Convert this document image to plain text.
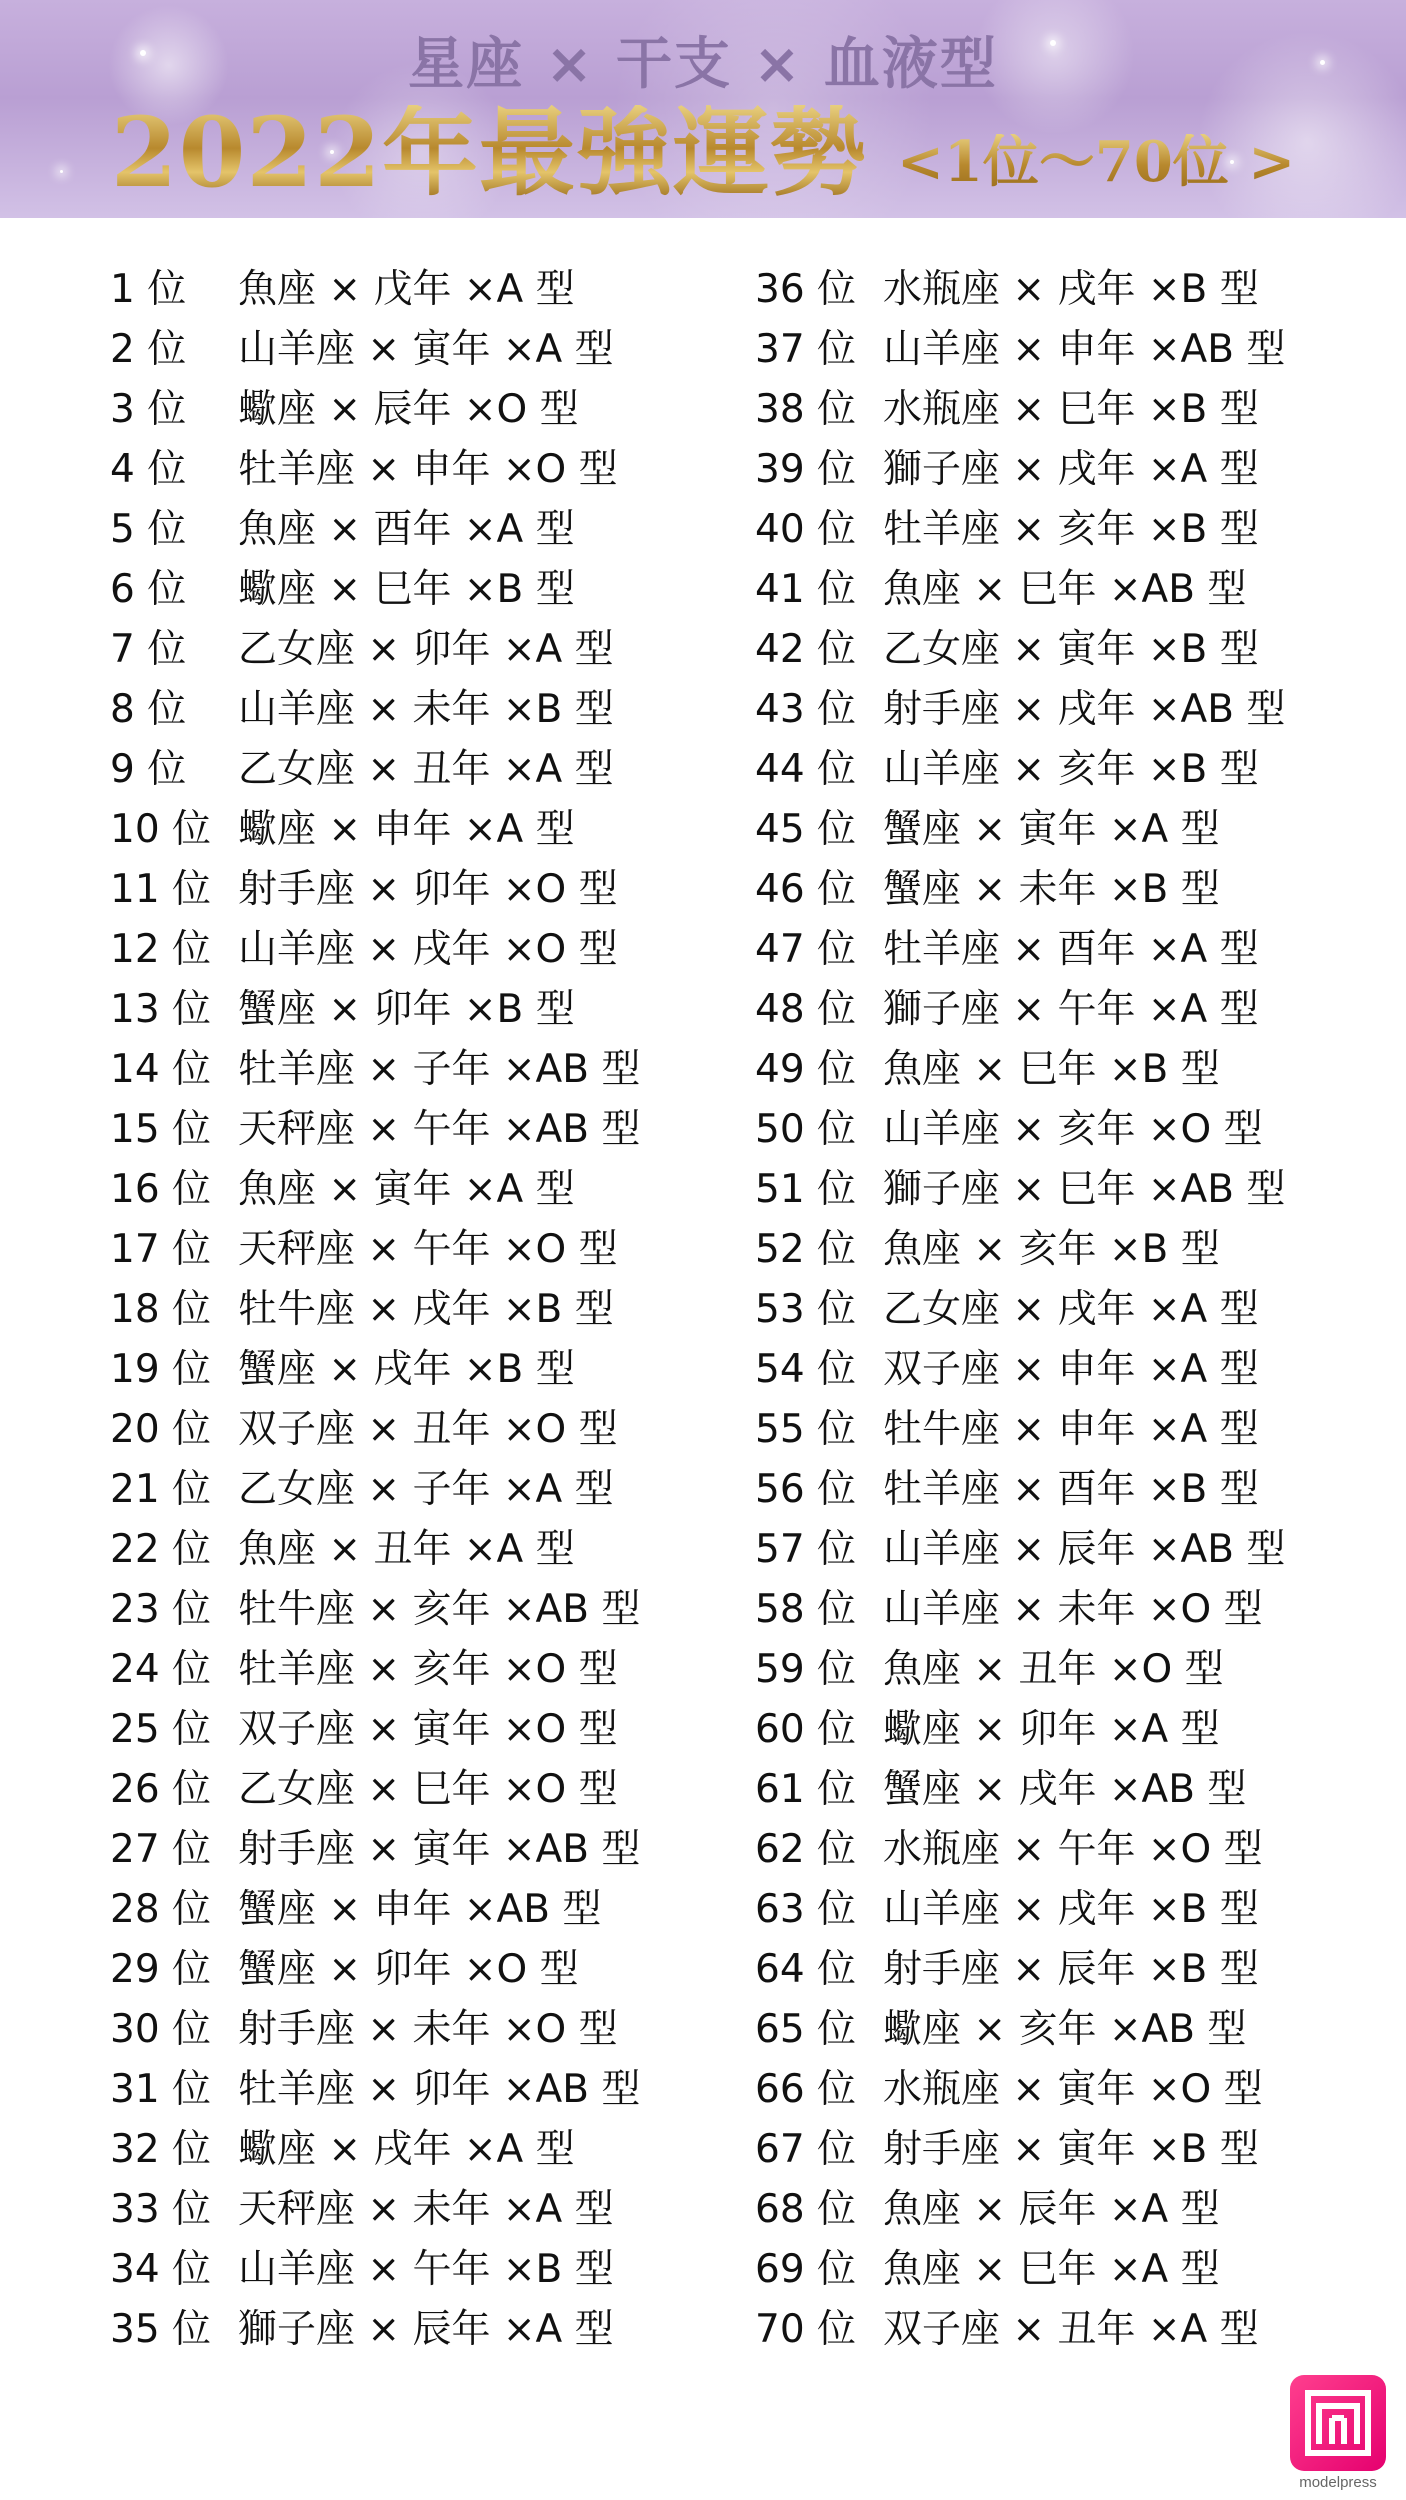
星座 × 干支 × 血液型
2022年最強運勢 <1位～70位 >
1 位	魚座 × 戊年 ×A 型
2 位	山羊座 × 寅年 ×A 型
3 位	蠍座 × 辰年 ×O 型
4 位	牡羊座 × 申年 ×O 型
5 位	魚座 × 酉年 ×A 型
6 位	蠍座 × 巳年 ×B 型
7 位	乙女座 × 卯年 ×A 型
8 位	山羊座 × 未年 ×B 型
9 位	乙女座 × 丑年 ×A 型
10 位 蠍座 × 申年 ×A 型
11 位 射手座 × 卯年 ×O 型
12 位 山羊座 × 戌年 ×O 型
13 位 蟹座 × 卯年 ×B 型
14 位 牡羊座 × 子年 ×AB 型
15 位 天秤座 × 午年 ×AB 型
16 位 魚座 × 寅年 ×A 型
17 位 天秤座 × 午年 ×O 型
18 位 牡牛座 × 戌年 ×B 型
19 位 蟹座 × 戌年 ×B 型
20 位 双子座 × 丑年 ×O 型
21 位 乙女座 × 子年 ×A 型
22 位 魚座 × 丑年 ×A 型
23 位 牡牛座 × 亥年 ×AB 型
24 位 牡羊座 × 亥年 ×O 型
25 位 双子座 × 寅年 ×O 型
26 位 乙女座 × 巳年 ×O 型
27 位 射手座 × 寅年 ×AB 型
28 位 蟹座 × 申年 ×AB 型
29 位 蟹座 × 卯年 ×O 型
30 位 射手座 × 未年 ×O 型
31 位 牡羊座 × 卯年 ×AB 型
32 位 蠍座 × 戌年 ×A 型
33 位 天秤座 × 未年 ×A 型
34 位 山羊座 × 午年 ×B 型
35 位 獅子座 × 辰年 ×A 型
36 位 水瓶座 × 戌年 ×B 型
37 位 山羊座 × 申年 ×AB 型
38 位 水瓶座 × 巳年 ×B 型
39 位 獅子座 × 戌年 ×A 型
40 位 牡羊座 × 亥年 ×B 型
41 位 魚座 × 巳年 ×AB 型
42 位 乙女座 × 寅年 ×B 型
43 位 射手座 × 戌年 ×AB 型
44 位 山羊座 × 亥年 ×B 型
45 位 蟹座 × 寅年 ×A 型
46 位 蟹座 × 未年 ×B 型
47 位 牡羊座 × 酉年 ×A 型
48 位 獅子座 × 午年 ×A 型
49 位 魚座 × 巳年 ×B 型
50 位 山羊座 × 亥年 ×O 型
51 位 獅子座 × 巳年 ×AB 型
52 位 魚座 × 亥年 ×B 型
53 位 乙女座 × 戌年 ×A 型
54 位 双子座 × 申年 ×A 型
55 位 牡牛座 × 申年 ×A 型
56 位 牡羊座 × 酉年 ×B 型
57 位 山羊座 × 辰年 ×AB 型
58 位 山羊座 × 未年 ×O 型
59 位 魚座 × 丑年 ×O 型
60 位 蠍座 × 卯年 ×A 型
61 位 蟹座 × 戌年 ×AB 型
62 位 水瓶座 × 午年 ×O 型
63 位 山羊座 × 戌年 ×B 型
64 位 射手座 × 辰年 ×B 型
65 位 蠍座 × 亥年 ×AB 型
66 位 水瓶座 × 寅年 ×O 型
67 位 射手座 × 寅年 ×B 型
68 位 魚座 × 辰年 ×A 型
69 位 魚座 × 巳年 ×A 型
70 位 双子座 × 丑年 ×A 型
modelpress
